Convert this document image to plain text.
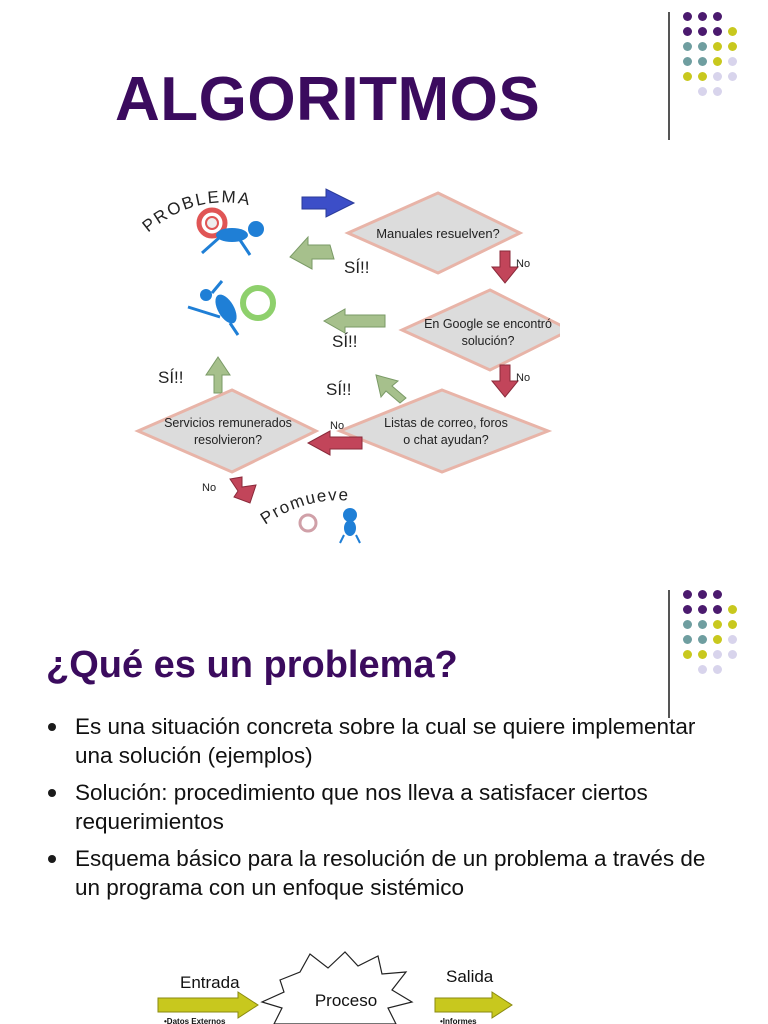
ALGORITMOS
PROBLEMA
Manuales resuelven?
SÍ!!	No
En Google se encontró
solución?
SÍ!!
No
SÍ!!
SÍ!!
Listas de correo, foros
o chat ayudan?
Servicios remunerados
resolvieron?
No
No
Promueve
¿Qué es un problema?
Es una situación concreta sobre la cual se quiere implementar una solución (ejemplos)
Solución: procedimiento que nos lleva a satisfacer ciertos requerimientos
Esquema básico para la resolución de un problema a través de un programa con un enfoque sistémico
Entrada
•Datos Externos
Proceso
Salida
•Informes
